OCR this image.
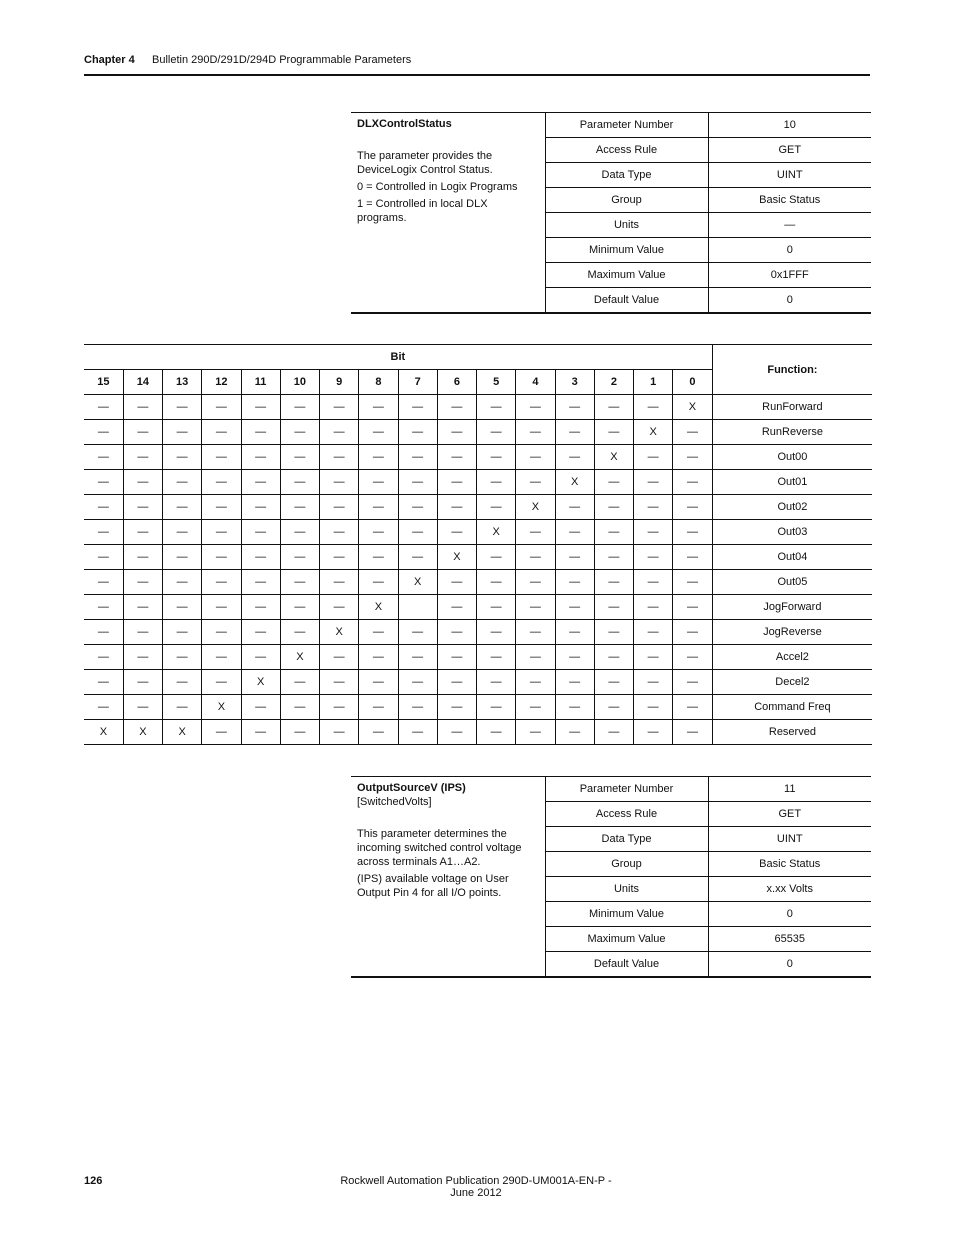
Chapter 4 Bulletin 290D/291D/294D Programmable Parameters
DLXControlStatus
The parameter provides the DeviceLogix Control Status.
0 = Controlled in Logix Programs
1 = Controlled in local DLX programs.	Parameter Number	10
	Access Rule	GET
	Data Type	UINT
	Group	Basic Status
	Units	—
	Minimum Value	0
	Maximum Value	0x1FFF
	Default Value	0
Bit																Function:
15	14	13	12	11	10	9	8	7	6	5	4	3	2	1	0	
—	—	—	—	—	—	—	—	—	—	—	—	—	—	—	X	RunForward
—	—	—	—	—	—	—	—	—	—	—	—	—	—	X	—	RunReverse
—	—	—	—	—	—	—	—	—	—	—	—	—	X	—	—	Out00
—	—	—	—	—	—	—	—	—	—	—	—	X	—	—	—	Out01
—	—	—	—	—	—	—	—	—	—	—	X	—	—	—	—	Out02
—	—	—	—	—	—	—	—	—	—	X	—	—	—	—	—	Out03
—	—	—	—	—	—	—	—	—	X	—	—	—	—	—	—	Out04
—	—	—	—	—	—	—	—	X	—	—	—	—	—	—	—	Out05
—	—	—	—	—	—	—	X		—	—	—	—	—	—	—	JogForward
—	—	—	—	—	—	X	—	—	—	—	—	—	—	—	—	JogReverse
—	—	—	—	—	X	—	—	—	—	—	—	—	—	—	—	Accel2
—	—	—	—	X	—	—	—	—	—	—	—	—	—	—	—	Decel2
—	—	—	X	—	—	—	—	—	—	—	—	—	—	—	—	Command Freq
X	X	X	—	—	—	—	—	—	—	—	—	—	—	—	—	Reserved
OutputSourceV (IPS)
[SwitchedVolts]
This parameter determines the incoming switched control voltage across terminals A1…A2.
(IPS) available voltage on User Output Pin 4 for all I/O points.	Parameter Number	11
	Access Rule	GET
	Data Type	UINT
	Group	Basic Status
	Units	x.xx Volts
	Minimum Value	0
	Maximum Value	65535
	Default Value	0
126	Rockwell Automation Publication 290D-UM001A-EN-P - June 2012
